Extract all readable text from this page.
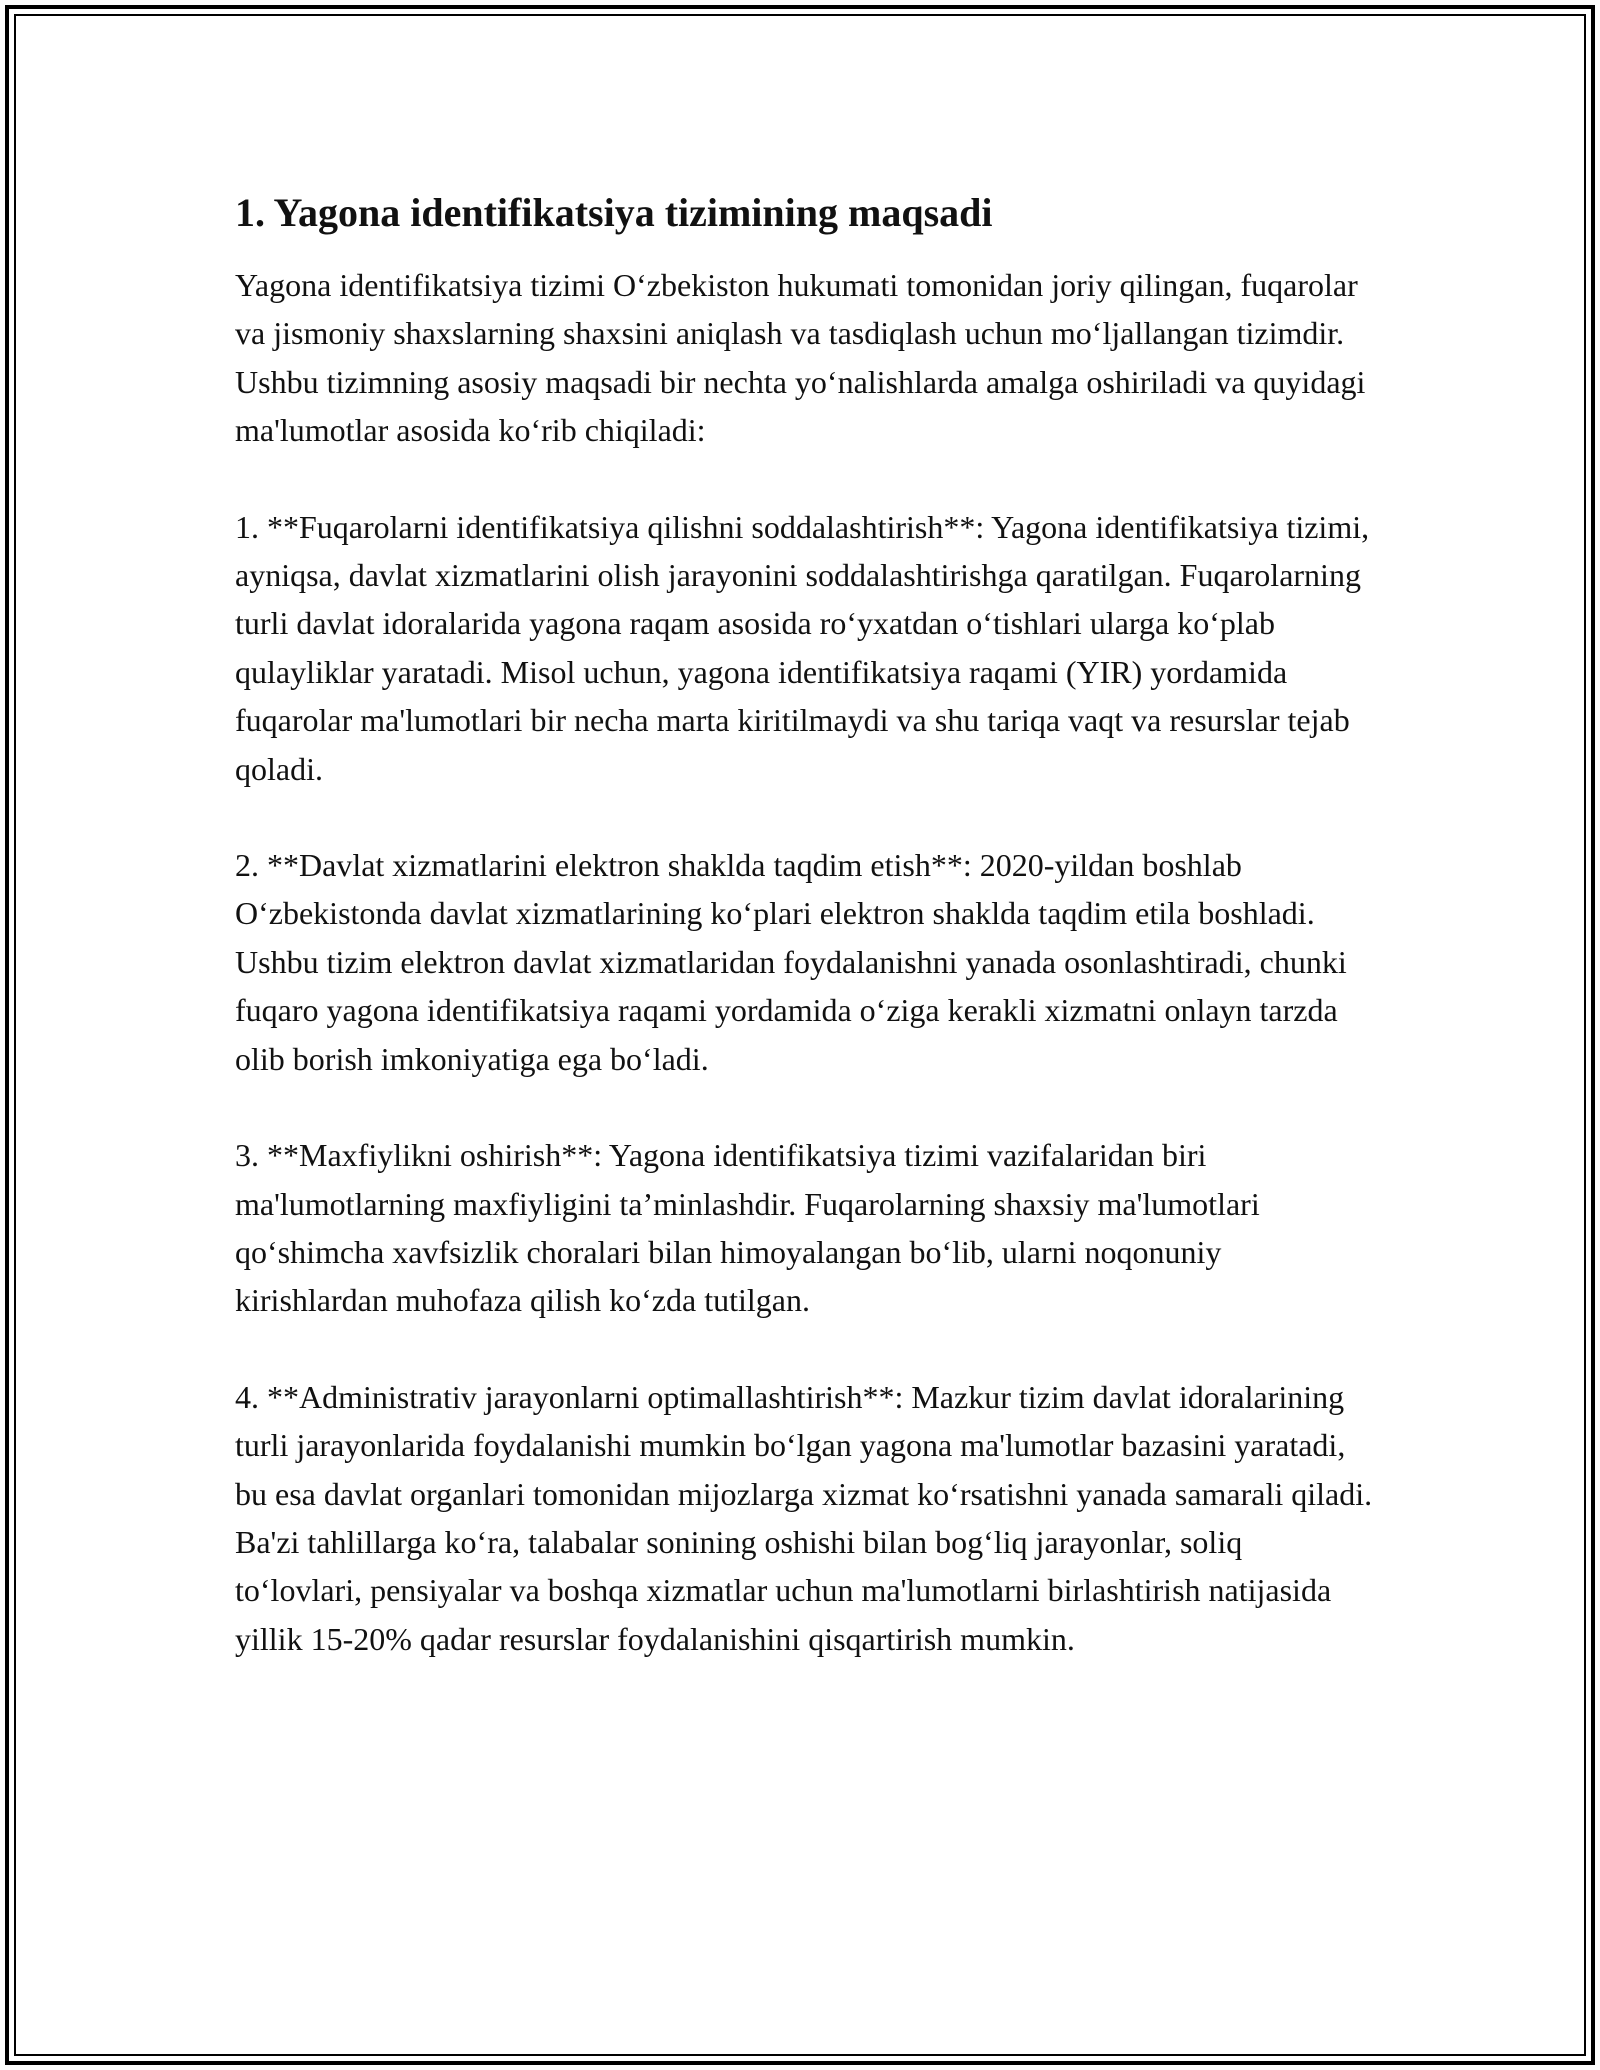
1. Yagona identifikatsiya tizimining maqsadi

Yagona identifikatsiya tizimi O‘zbekiston hukumati tomonidan joriy qilingan, fuqarolar va jismoniy shaxslarning shaxsini aniqlash va tasdiqlash uchun mo‘ljallangan tizimdir. Ushbu tizimning asosiy maqsadi bir nechta yo‘nalishlarda amalga oshiriladi va quyidagi ma'lumotlar asosida ko‘rib chiqiladi:

1. **Fuqarolarni identifikatsiya qilishni soddalashtirish**: Yagona identifikatsiya tizimi, ayniqsa, davlat xizmatlarini olish jarayonini soddalashtirishga qaratilgan. Fuqarolarning turli davlat idoralarida yagona raqam asosida ro‘yxatdan o‘tishlari ularga ko‘plab qulayliklar yaratadi. Misol uchun, yagona identifikatsiya raqami (YIR) yordamida fuqarolar ma'lumotlari bir necha marta kiritilmaydi va shu tariqa vaqt va resurslar tejab qoladi.

2. **Davlat xizmatlarini elektron shaklda taqdim etish**: 2020-yildan boshlab O‘zbekistonda davlat xizmatlarining ko‘plari elektron shaklda taqdim etila boshladi. Ushbu tizim elektron davlat xizmatlaridan foydalanishni yanada osonlashtiradi, chunki fuqaro yagona identifikatsiya raqami yordamida o‘ziga kerakli xizmatni onlayn tarzda olib borish imkoniyatiga ega bo‘ladi.

3. **Maxfiylikni oshirish**: Yagona identifikatsiya tizimi vazifalaridan biri ma'lumotlarning maxfiyligini ta’minlashdir. Fuqarolarning shaxsiy ma'lumotlari qo‘shimcha xavfsizlik choralari bilan himoyalangan bo‘lib, ularni noqonuniy kirishlardan muhofaza qilish ko‘zda tutilgan.

4. **Administrativ jarayonlarni optimallashtirish**: Mazkur tizim davlat idoralarining turli jarayonlarida foydalanishi mumkin bo‘lgan yagona ma'lumotlar bazasini yaratadi, bu esa davlat organlari tomonidan mijozlarga xizmat ko‘rsatishni yanada samarali qiladi. Ba'zi tahlillarga ko‘ra, talabalar sonining oshishi bilan bog‘liq jarayonlar, soliq to‘lovlari, pensiyalar va boshqa xizmatlar uchun ma'lumotlarni birlashtirish natijasida yillik 15-20% qadar resurslar foydalanishini qisqartirish mumkin.
